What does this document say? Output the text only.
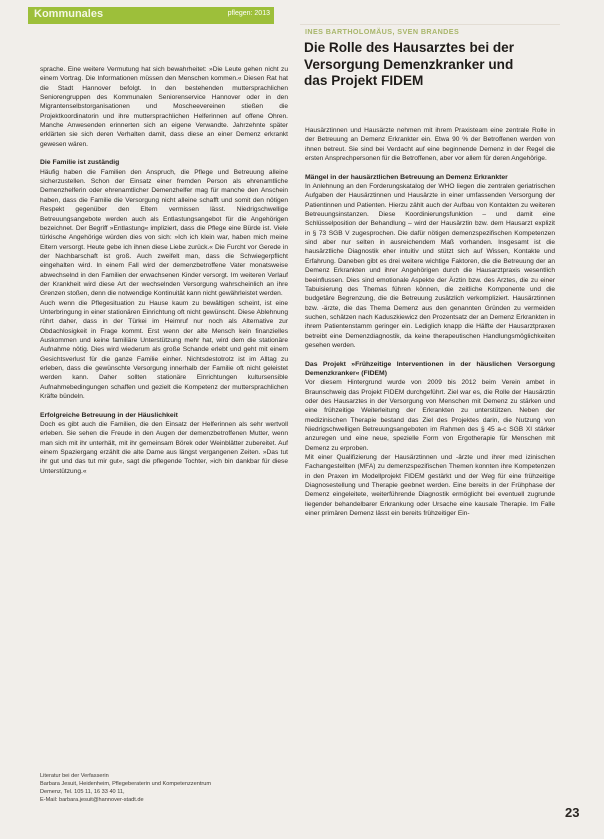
Kommunales	pflegen: 2013

sprache. Eine weitere Vermutung hat sich bewahrheitet: »Die Leute gehen nicht zu einem Vortrag. Die Informationen müssen den Menschen kommen.« Diesen Rat hat die Stadt Hannover befolgt. In den bestehenden muttersprachlichen Seniorengruppen des Kommunalen Seniorenservice Hannover oder in den Migrantenselbstorganisationen und Moscheevereinen stießen die Projektkoordinatorin und ihre muttersprachlichen Helferinnen auf offene Ohren. Manche Anwesenden erinnerten sich an eigene Verwandte. Jahrzehnte später erklärten sie sich deren Verhalten damit, dass diese an einer Demenz erkrankt gewesen wären.

Die Familie ist zuständig

Häufig haben die Familien den Anspruch, die Pflege und Betreuung alleine sicherzustellen. Schon der Einsatz einer fremden Person als ehrenamtliche Demenzhelferin oder ehrenamtlicher Demenzhelfer mag für manche den Anschein haben, dass die Familie die Versorgung nicht alleine schafft und somit den nötigen Respekt gegenüber den Eltern vermissen lässt. Niedrigschwellige Betreuungsangebote werden auch als Entlastungsangebot für die Angehörigen bezeichnet. Der Begriff »Entlastung« impliziert, dass die Pflege eine Bürde ist. Viele türkische Angehörige würden dies von sich: »Ich ich klein war, haben mich meine Eltern versorgt. Heute gebe ich ihnen diese Liebe zurück.« Die Furcht vor Gerede in der Nachbarschaft ist groß. Auch zweifelt man, dass die Schwiegerpflicht eingehalten wird. In einem Fall wird der demenzbetroffene Vater monatsweise abwechselnd in den Familien der erwachsenen Kinder versorgt. Im weiteren Verlauf der Krankheit wird diese Art der wechselnden Versorgung wahrscheinlich an ihre Grenzen stoßen, denn die notwendige Kontinuität kann nicht gewährleistet werden.

Auch wenn die Pflegesituation zu Hause kaum zu bewältigen scheint, ist eine Unterbringung in einer stationären Einrichtung oft nicht gewünscht. Diese Ablehnung rührt daher, dass in der Türkei im Heimruf nur noch als Alternative zur Obdachlosigkeit in Frage kommt. Erst wenn der alte Mensch kein finanzielles Auskommen und keine familiäre Unterstützung mehr hat, wird dem die stationäre Aufnahme nötig. Dies wird wiederum als große Schande erlebt und geht mit einem Gesichtsverlust für die ganze Familie einher. Nichtsdestotrotz ist im Alltag zu erleben, dass die gewünschte Versorgung innerhalb der Familie oft nicht geleistet werden kann. Daher sollten stationäre Einrichtungen kultursensible Aufnahmebedingungen schaffen und gezielt die Kompetenz der muttersprachlichen Kräfte bündeln.

Erfolgreiche Betreuung in der Häuslichkeit

Doch es gibt auch die Familien, die den Einsatz der Helferinnen als sehr wertvoll erleben. Sie sehen die Freude in den Augen der demenzbetroffenen Mutter, wenn man sich mit ihr unterhält, mit ihr gemeinsam Börek oder Weinblätter zubereitet. Auf einem Spaziergang erzählt die alte Dame aus längst vergangenen Zeiten. »Das tut ihr gut und das tut mir gut«, sagt die pflegende Tochter, »ich bin dankbar für diese Unterstützung.«

Literatur bei der Verfasserin

Barbara Jesuit, Heidenheim, Pflegeberaterin und Kompetenzzentrum

Demenz, Tel. 105 11, 16 33 40 11,

E-Mail: barbara.jesuit@hannover-stadt.de

INES BARTHOLOMÄUS, SVEN BRANDES
Die Rolle des Hausarztes bei der
Versorgung Demenzkranker und
das Projekt FIDEM

Hausärztinnen und Hausärzte nehmen mit ihrem Praxisteam eine zentrale Rolle in der Betreuung an Demenz Erkrankter ein. Etwa 90 % der Betroffenen werden von ihnen betreut. Sie sind bei Verdacht auf eine beginnende Demenz in der Regel die ersten Ansprechpersonen für die Betroffenen, aber vor allem für deren Angehörige.

Mängel in der hausärztlichen Betreuung an Demenz Erkrankter

In Anlehnung an den Forderungskatalog der WHO liegen die zentralen geriatrischen Aufgaben der Hausärztinnen und Hausärzte in einer umfassenden Versorgung der Patientinnen und Patienten. Hierzu zählt auch der Aufbau von Kontakten zu weiteren Betreuungsinstanzen. Diese Koordinierungsfunktion – und damit eine Schlüsselposition der Behandlung – wird der Hausärztin bzw. dem Hausarzt explizit in § 73 SGB V zugesprochen. Die dafür nötigen demenzspezifischen Kompetenzen sind aber nur selten in ausreichendem Maß vorhanden. Insgesamt ist die hausärztliche Diagnostik eher intuitiv und stützt sich auf Wissen, Kontakte und Erfahrung. Daneben gibt es drei weitere wichtige Faktoren, die die Betreuung der an Demenz Erkrankten und ihrer Angehörigen durch die Hausarztpraxis wesentlich beeinflussen. Dies sind emotionale Aspekte der Ärztin bzw. des Arztes, die zu einer Tabuisierung des Themas führen können, die zeitliche Komponente und die budgetäre Begrenzung, die die Betreuung zusätzlich verkompliziert. Hausärztinnen bzw. -ärzte, die das Thema Demenz aus den genannten Gründen zu vermeiden suchen, schätzen nach Kaduszkiewicz den Prozentsatz der an Demenz Erkrankten in ihrem Patientenstamm geringer ein. Lediglich knapp die Hälfte der Hausarztpraxen betreibt eine Demenzdiagnostik, da keine therapeutischen Handlungsmöglichkeiten gesehen werden.

Das Projekt »Frühzeitige Interventionen in der häuslichen Versorgung Demenzkranker« (FIDEM)

Vor diesem Hintergrund wurde von 2009 bis 2012 beim Verein ambet in Braunschweig das Projekt FIDEM durchgeführt. Ziel war es, die Rolle der Hausärztin oder des Hausarztes in der Versorgung von Menschen mit Demenz zu stärken und eine frühzeitige Weiterleitung der Erkrankten zu unterstützen. Neben der medizinischen Therapie bestand das Ziel des Projektes darin, die Nutzung von Niedrigschwelligen Betreuungsangeboten im Rahmen des § 45 a-c SGB XI stärker anzuregen und eine neue, spezielle Form von Ergotherapie für Menschen mit Demenz zu erproben.

Mit einer Qualifizierung der Hausärztinnen und -ärzte und ihrer med izinischen Fachangestellten (MFA) zu demenzspezifischen Themen konnten ihre Kompetenzen in den Praxen im Modellprojekt FIDEM gestärkt und der Weg für eine frühzeitige Diagnosestellung und Therapie geebnet werden. Eine bereits in der Frühphase der Demenz eingeleitete, weiterführende Diagnostik ermöglicht bei eventuell zugrunde liegender behandelbarer Erkrankung oder Ursache eine kausale Therapie. Im Falle einer primären Demenz lässt ein bereits frühzeitiger Ein-

23
